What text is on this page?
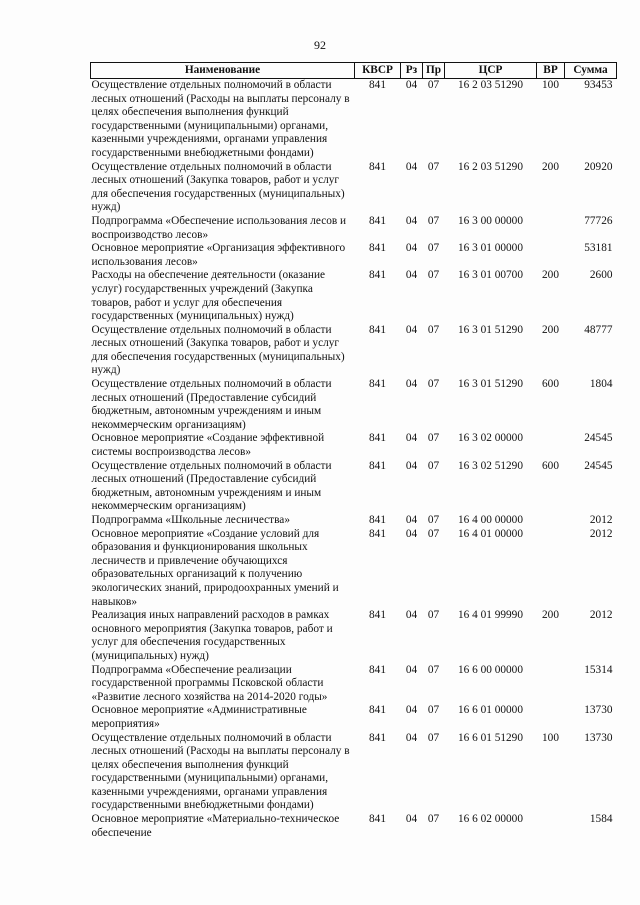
92
Наименование	КВСР	Рз	Пр	ЦСР	ВР	Сумма
Осуществление отдельных полномочий в области лесных отношений (Расходы на выплаты персоналу в целях обеспечения выполнения функций государственными (муниципальными) органами, казенными учреждениями, органами управления государственными внебюджетными фондами)	841	04	07	16 2 03 51290	100	93453
Осуществление отдельных полномочий в области лесных отношений (Закупка товаров, работ и услуг для обеспечения государственных (муниципальных) нужд)	841	04	07	16 2 03 51290	200	20920
Подпрограмма «Обеспечение использования лесов и воспроизводство лесов»	841	04	07	16 3 00 00000		77726
Основное мероприятие «Организация эффективного использования лесов»	841	04	07	16 3 01 00000		53181
Расходы на обеспечение деятельности (оказание услуг) государственных учреждений (Закупка товаров, работ и услуг для обеспечения государственных (муниципальных) нужд)	841	04	07	16 3 01 00700	200	2600
Осуществление отдельных полномочий в области лесных отношений (Закупка товаров, работ и услуг для обеспечения государственных (муниципальных) нужд)	841	04	07	16 3 01 51290	200	48777
Осуществление отдельных полномочий в области лесных отношений (Предоставление субсидий бюджетным, автономным учреждениям и иным некоммерческим организациям)	841	04	07	16 3 01 51290	600	1804
Основное мероприятие «Создание эффективной системы воспроизводства лесов»	841	04	07	16 3 02 00000		24545
Осуществление отдельных полномочий в области лесных отношений (Предоставление субсидий бюджетным, автономным учреждениям и иным некоммерческим организациям)	841	04	07	16 3 02 51290	600	24545
Подпрограмма «Школьные лесничества»	841	04	07	16 4 00 00000		2012
Основное мероприятие «Создание условий для образования и функционирования школьных лесничеств и привлечение обучающихся образовательных организаций к получению экологических знаний, природоохранных умений и навыков»	841	04	07	16 4 01 00000		2012
Реализация иных направлений расходов в рамках основного мероприятия (Закупка товаров, работ и услуг для обеспечения государственных (муниципальных) нужд)	841	04	07	16 4 01 99990	200	2012
Подпрограмма «Обеспечение реализации государственной программы Псковской области «Развитие лесного хозяйства на 2014-2020 годы»	841	04	07	16 6 00 00000		15314
Основное мероприятие «Административные мероприятия»	841	04	07	16 6 01 00000		13730
Осуществление отдельных полномочий в области лесных отношений (Расходы на выплаты персоналу в целях обеспечения выполнения функций государственными (муниципальными) органами, казенными учреждениями, органами управления государственными внебюджетными фондами)	841	04	07	16 6 01 51290	100	13730
Основное мероприятие «Материально-техническое обеспечение	841	04	07	16 6 02 00000		1584
